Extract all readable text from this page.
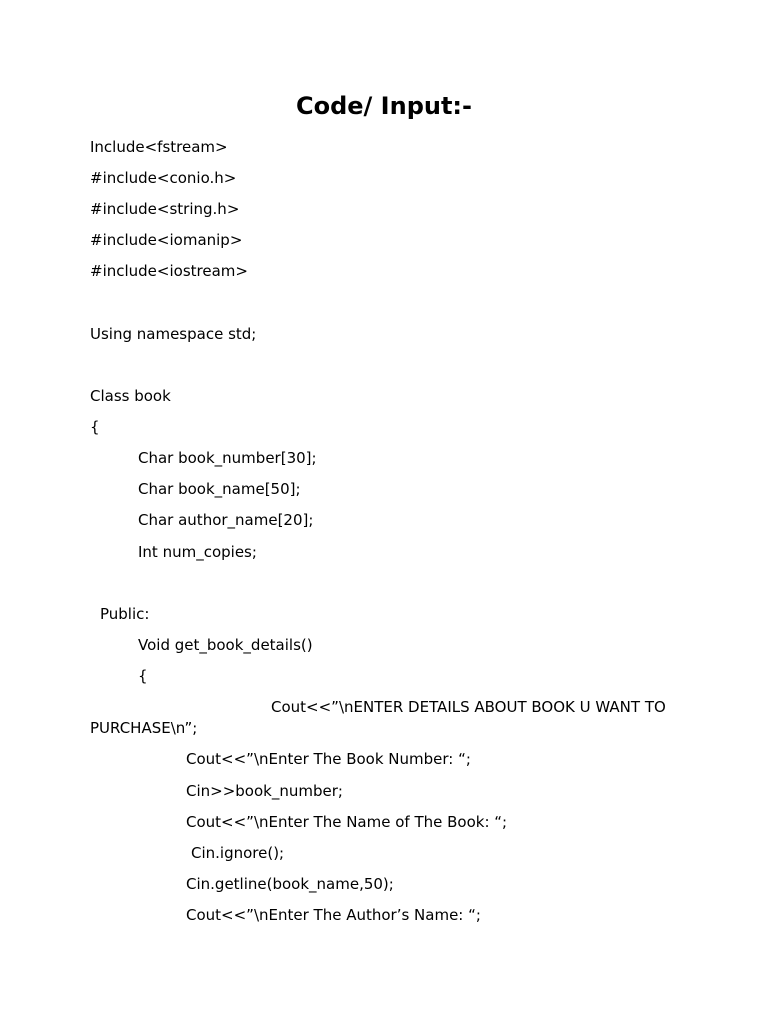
Code/ Input:-
Include<fstream>
#include<conio.h>
#include<string.h>
#include<iomanip>
#include<iostream>
Using namespace std;
Class book
{
Char book_number[30];
Char book_name[50];
Char author_name[20];
Int num_copies;
Public:
Void get_book_details()
{
Cout<<”\nENTER DETAILS ABOUT BOOK U WANT TO
PURCHASE\n”;
Cout<<”\nEnter The Book Number: “;
Cin>>book_number;
Cout<<”\nEnter The Name of The Book: “;
Cin.ignore();
Cin.getline(book_name,50);
Cout<<”\nEnter The Author’s Name: “;
